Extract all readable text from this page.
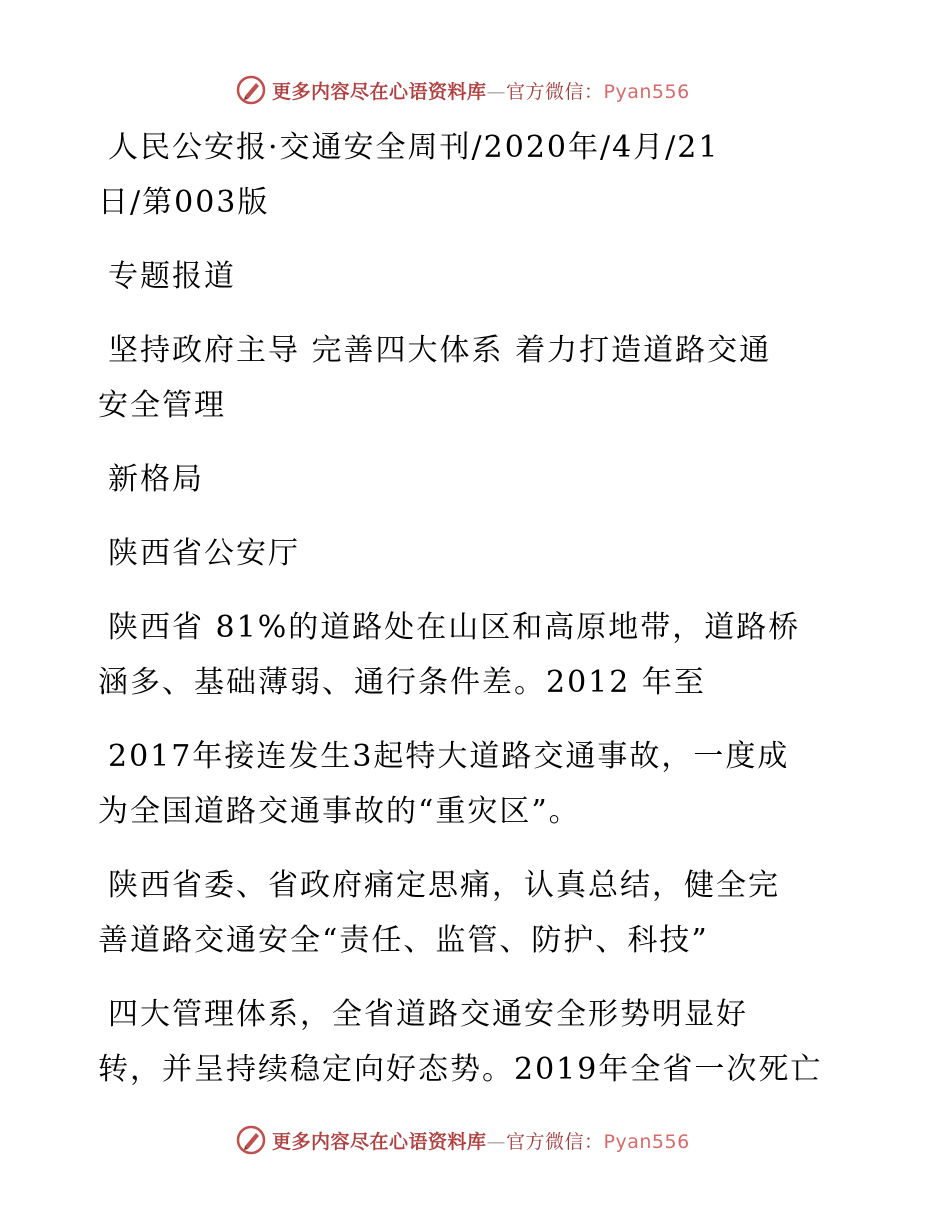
更多内容尽在心语资料库—官方微信：Pyan556

人民公安报·交通安全周刊/2020年/4月/21
日/第003版

专题报道

坚持政府主导 完善四大体系 着力打造道路交通
安全管理

新格局

陕西省公安厅

陕西省 81%的道路处在山区和高原地带，道路桥
涵多、基础薄弱、通行条件差。2012 年至

2017年接连发生3起特大道路交通事故，一度成
为全国道路交通事故的“重灾区”。

陕西省委、省政府痛定思痛，认真总结，健全完
善道路交通安全“责任、监管、防护、科技”

四大管理体系，全省道路交通安全形势明显好
转，并呈持续稳定向好态势。2019年全省一次死亡

更多内容尽在心语资料库—官方微信：Pyan556
